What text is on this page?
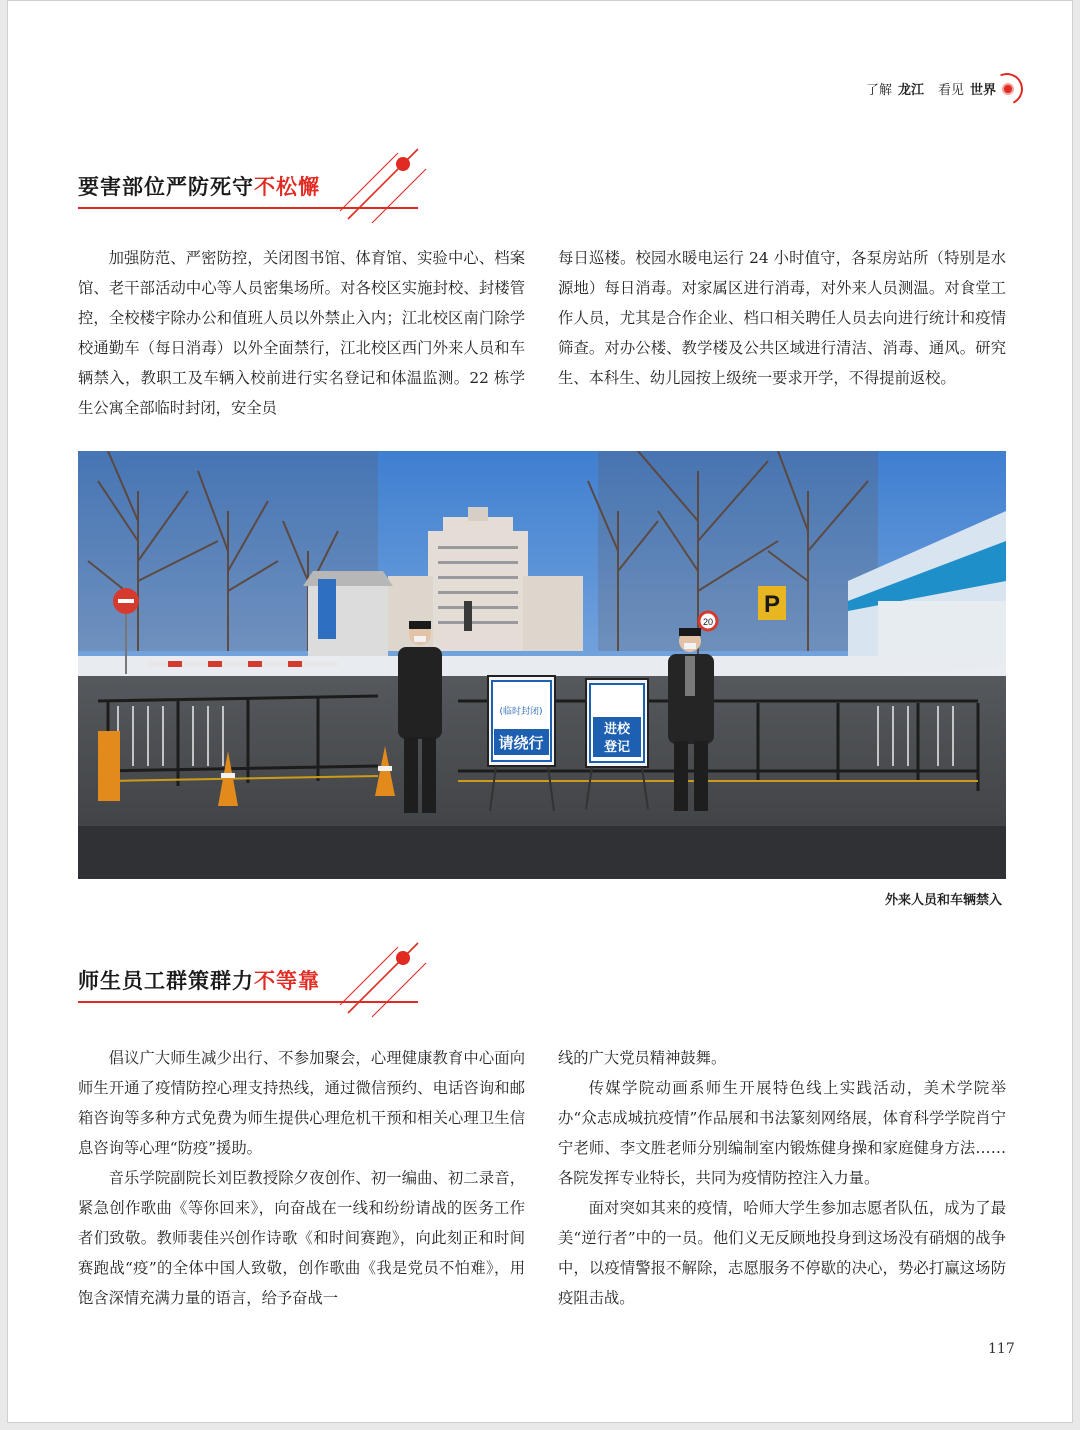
了解 龙江 看见 世界
要害部位严防死守不松懈

加强防范、严密防控，关闭图书馆、体育馆、实验中心、档案馆、老干部活动中心等人员密集场所。对各校区实施封校、封楼管控，全校楼宇除办公和值班人员以外禁止入内；江北校区南门除学校通勤车（每日消毒）以外全面禁行，江北校区西门外来人员和车辆禁入，教职工及车辆入校前进行实名登记和体温监测。22 栋学生公寓全部临时封闭，安全员

每日巡楼。校园水暖电运行 24 小时值守，各泵房站所（特别是水源地）每日消毒。对家属区进行消毒，对外来人员测温。对食堂工作人员，尤其是合作企业、档口相关聘任人员去向进行统计和疫情筛查。对办公楼、教学楼及公共区域进行清洁、消毒、通风。研究生、本科生、幼儿园按上级统一要求开学，不得提前返校。

P
20
(临时封闭)
请绕行
进校
登记
外来人员和车辆禁入
师生员工群策群力不等靠

倡议广大师生减少出行、不参加聚会，心理健康教育中心面向师生开通了疫情防控心理支持热线，通过微信预约、电话咨询和邮箱咨询等多种方式免费为师生提供心理危机干预和相关心理卫生信息咨询等心理“防疫”援助。

音乐学院副院长刘臣教授除夕夜创作、初一编曲、初二录音，紧急创作歌曲《等你回来》，向奋战在一线和纷纷请战的医务工作者们致敬。教师裴佳兴创作诗歌《和时间赛跑》，向此刻正和时间赛跑战“疫”的全体中国人致敬，创作歌曲《我是党员不怕难》，用饱含深情充满力量的语言，给予奋战一

线的广大党员精神鼓舞。

传媒学院动画系师生开展特色线上实践活动，美术学院举办“众志成城抗疫情”作品展和书法篆刻网络展，体育科学学院肖宁宁老师、李文胜老师分别编制室内锻炼健身操和家庭健身方法……各院发挥专业特长，共同为疫情防控注入力量。

面对突如其来的疫情，哈师大学生参加志愿者队伍，成为了最美“逆行者”中的一员。他们义无反顾地投身到这场没有硝烟的战争中，以疫情警报不解除，志愿服务不停歇的决心，势必打赢这场防疫阻击战。

117
